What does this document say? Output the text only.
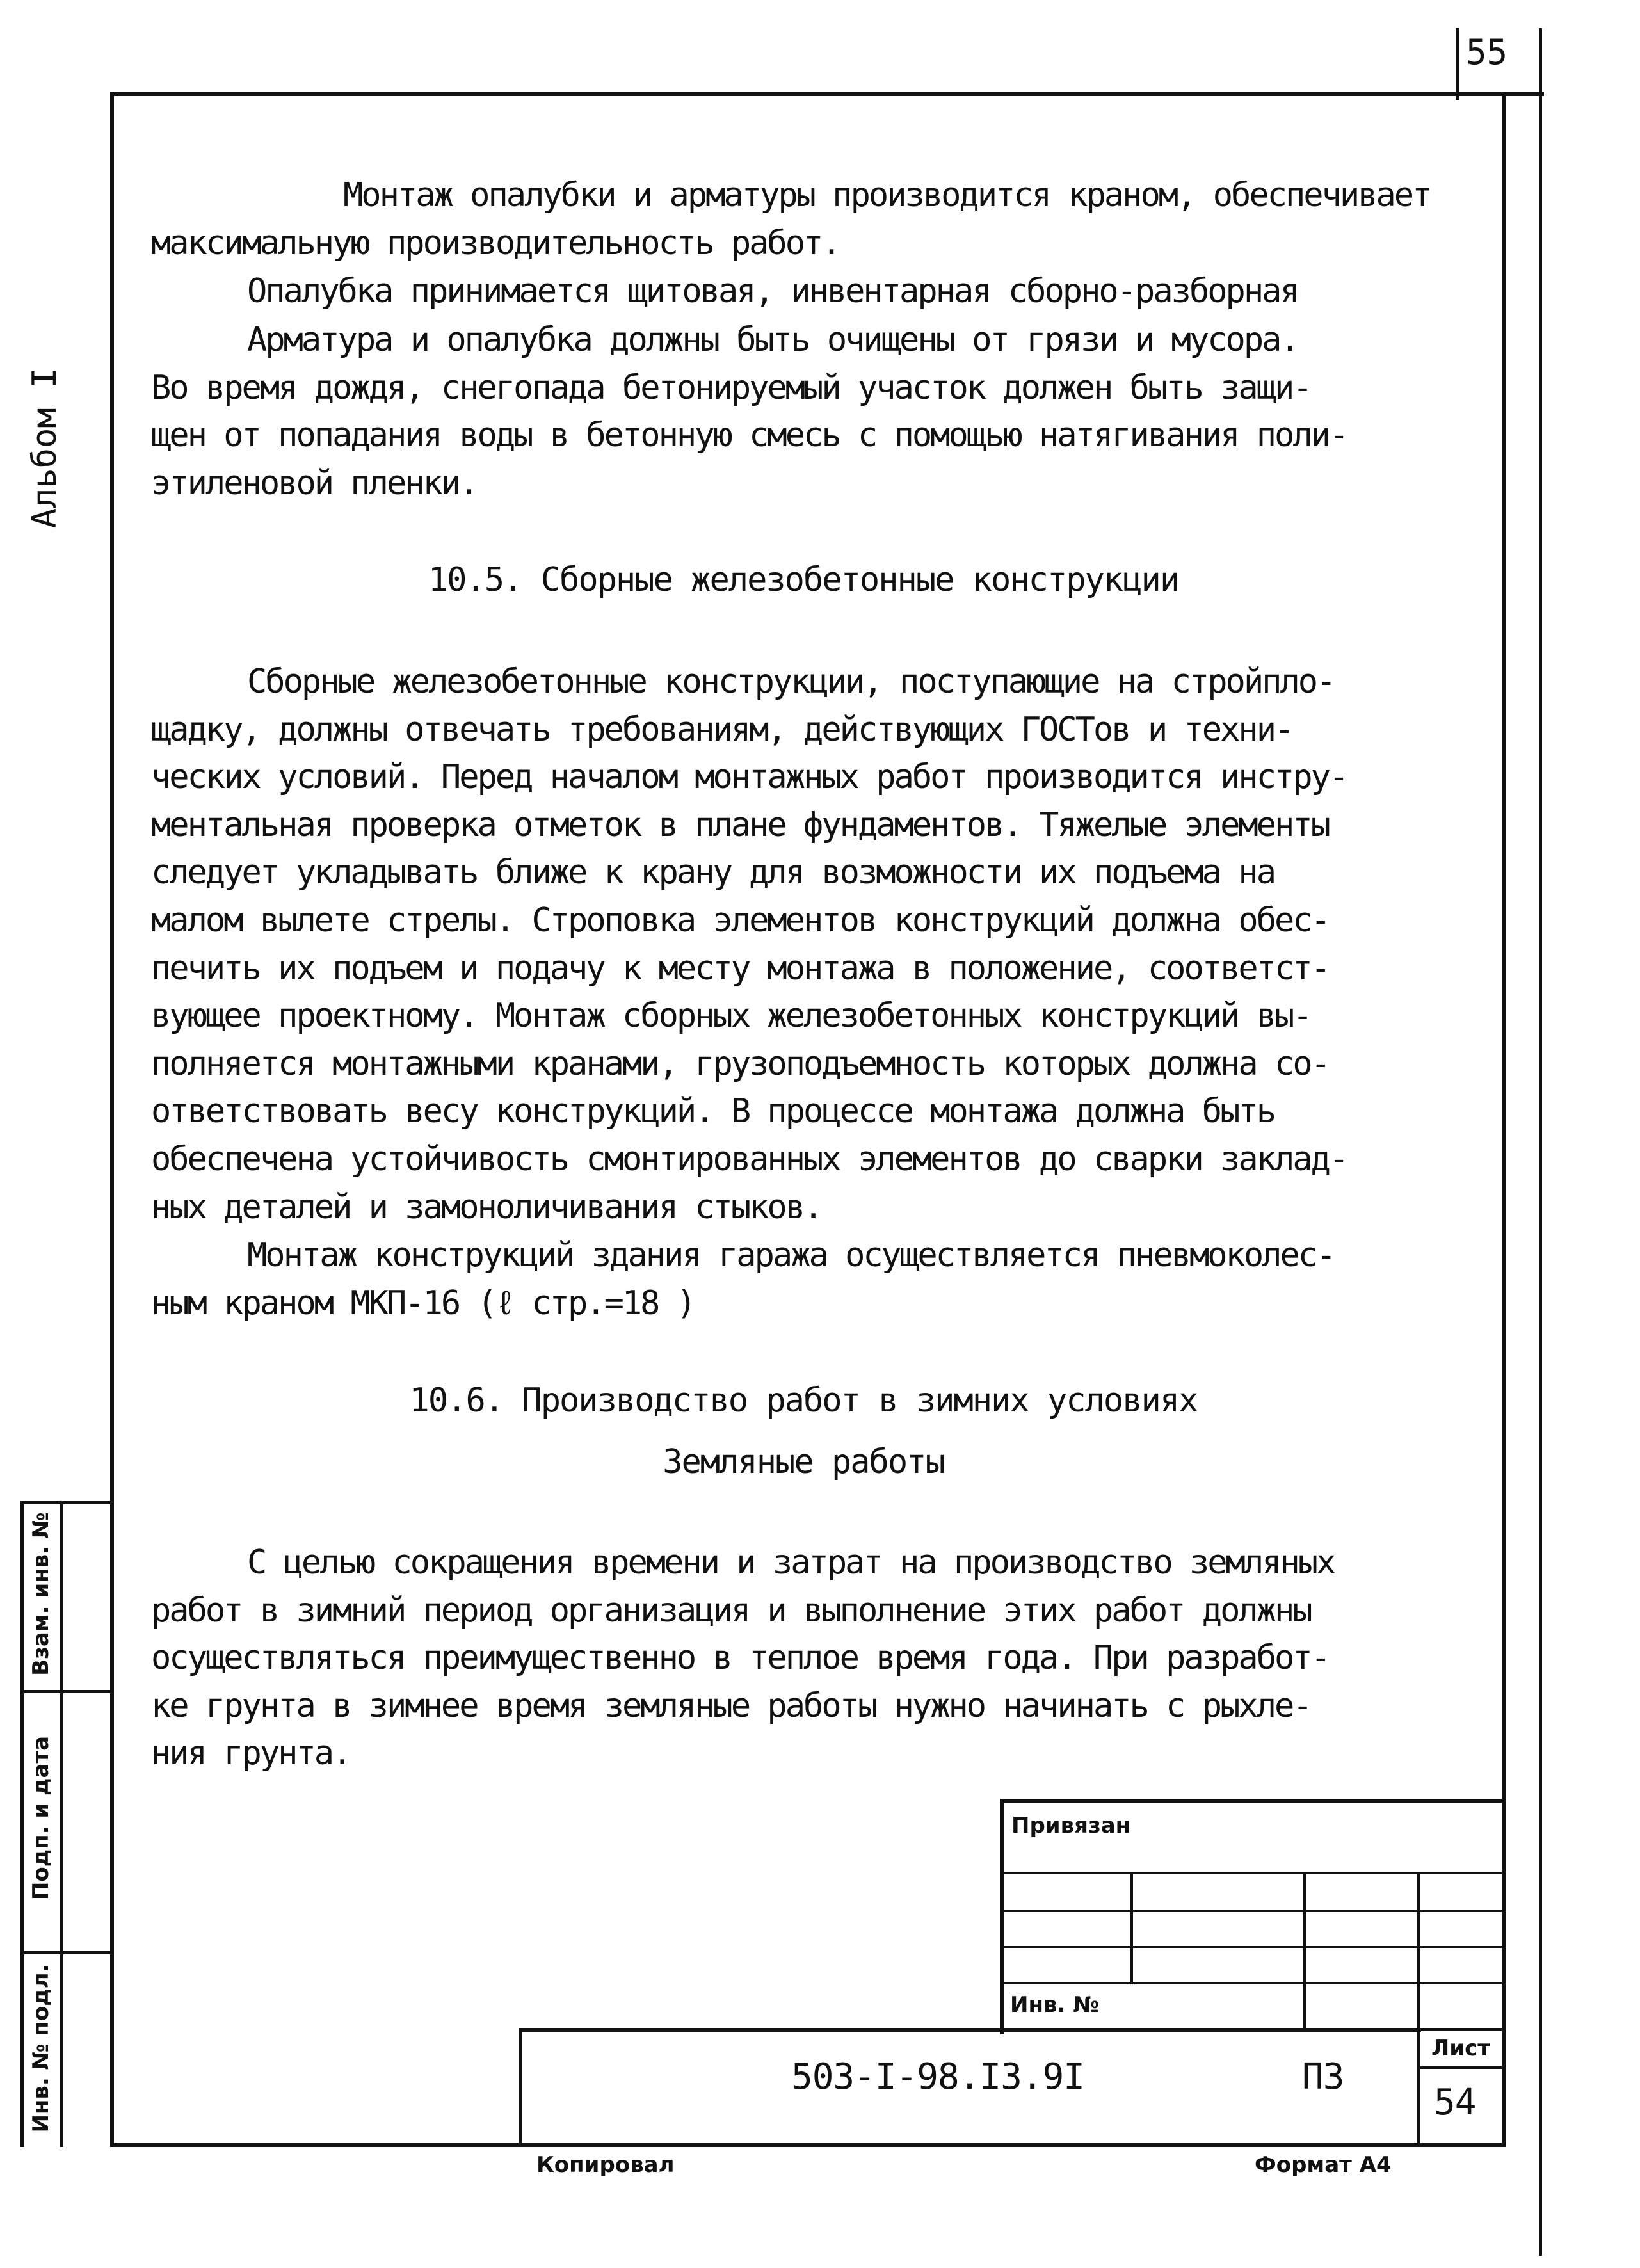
55
Альбом I
Взам. инв. №
Подп. и дата
Инв. № подл.
Монтаж опалубки и арматуры производится краном, обеспечивает
максимальную производительность работ.
Опалубка принимается щитовая, инвентарная сборно-разборная
Арматура и опалубка должны быть очищены от грязи и мусора.
Во время дождя, снегопада бетонируемый участок должен быть защи-
щен от попадания воды в бетонную смесь с помощью натягивания поли-
этиленовой пленки.
10.5. Сборные железобетонные конструкции
Сборные железобетонные конструкции, поступающие на стройпло-
щадку, должны отвечать требованиям, действующих ГОСТов и техни-
ческих условий. Перед началом монтажных работ производится инстру-
ментальная проверка отметок в плане фундаментов. Тяжелые элементы
следует укладывать ближе к крану для возможности их подъема на
малом вылете стрелы. Строповка элементов конструкций должна обес-
печить их подъем и подачу к месту монтажа в положение, соответст-
вующее проектному. Монтаж сборных железобетонных конструкций вы-
полняется монтажными кранами, грузоподъемность которых должна со-
ответствовать весу конструкций. В процессе монтажа должна быть
обеспечена устойчивость смонтированных элементов до сварки заклад-
ных деталей и замоноличивания стыков.
Монтаж конструкций здания гаража осуществляется пневмоколес-
ным краном МКП-16 (ℓ стр.=18 )
10.6. Производство работ в зимних условиях
Земляные работы
С целью сокращения времени и затрат на производство земляных
работ в зимний период организация и выполнение этих работ должны
осуществляться преимущественно в теплое время года. При разработ-
ке грунта в зимнее время земляные работы нужно начинать с рыхле-
ния грунта.
Привязан
Инв. №
503-I-98.I3.9I	ПЗ
Лист
54
Копировал	Формат А4
